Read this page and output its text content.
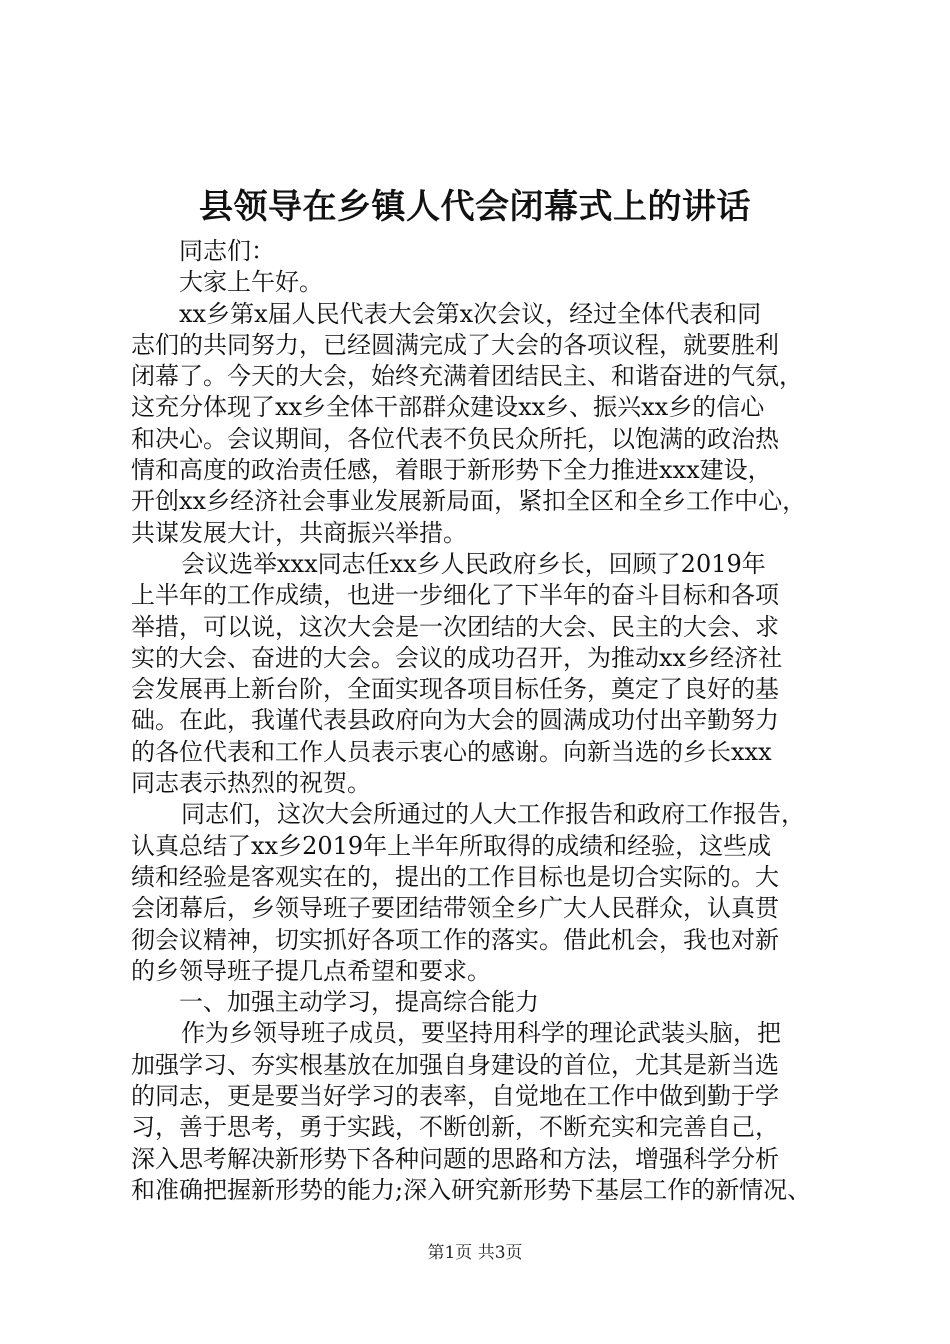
县领导在乡镇人代会闭幕式上的讲话
同志们：
大家上午好。
xx乡第x届人民代表大会第x次会议，经过全体代表和同
志们的共同努力，已经圆满完成了大会的各项议程，就要胜利
闭幕了。今天的大会，始终充满着团结民主、和谐奋进的气氛，
这充分体现了xx乡全体干部群众建设xx乡、振兴xx乡的信心
和决心。会议期间，各位代表不负民众所托，以饱满的政治热
情和高度的政治责任感，着眼于新形势下全力推进xxx建设，
开创xx乡经济社会事业发展新局面，紧扣全区和全乡工作中心，
共谋发展大计，共商振兴举措。
会议选举xxx同志任xx乡人民政府乡长，回顾了2019年
上半年的工作成绩，也进一步细化了下半年的奋斗目标和各项
举措，可以说，这次大会是一次团结的大会、民主的大会、求
实的大会、奋进的大会。会议的成功召开，为推动xx乡经济社
会发展再上新台阶，全面实现各项目标任务，奠定了良好的基
础。在此，我谨代表县政府向为大会的圆满成功付出辛勤努力
的各位代表和工作人员表示衷心的感谢。向新当选的乡长xxx
同志表示热烈的祝贺。
同志们，这次大会所通过的人大工作报告和政府工作报告，
认真总结了xx乡2019年上半年所取得的成绩和经验，这些成
绩和经验是客观实在的，提出的工作目标也是切合实际的。大
会闭幕后，乡领导班子要团结带领全乡广大人民群众，认真贯
彻会议精神，切实抓好各项工作的落实。借此机会，我也对新
的乡领导班子提几点希望和要求。
一、加强主动学习，提高综合能力
作为乡领导班子成员，要坚持用科学的理论武装头脑，把
加强学习、夯实根基放在加强自身建设的首位，尤其是新当选
的同志，更是要当好学习的表率，自觉地在工作中做到勤于学
习，善于思考，勇于实践，不断创新，不断充实和完善自己，
深入思考解决新形势下各种问题的思路和方法，增强科学分析
和准确把握新形势的能力;深入研究新形势下基层工作的新情况、
第1页 共3页
